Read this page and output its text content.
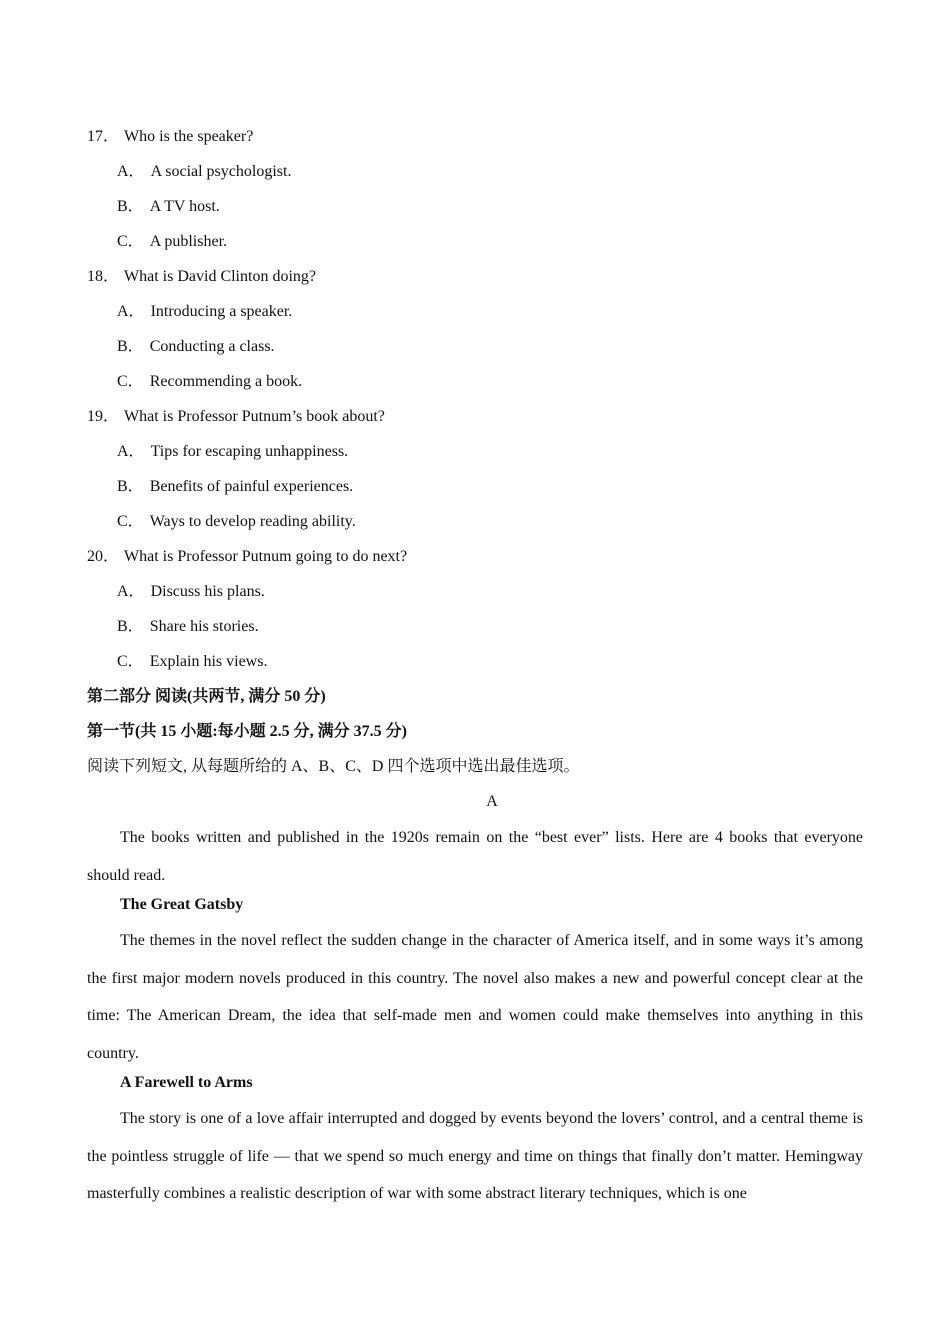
17． Who is the speaker?
A． A social psychologist.
B． A TV host.
C． A publisher.
18． What is David Clinton doing?
A． Introducing a speaker.
B． Conducting a class.
C． Recommending a book.
19． What is Professor Putnum’s book about?
A． Tips for escaping unhappiness.
B． Benefits of painful experiences.
C． Ways to develop reading ability.
20． What is Professor Putnum going to do next?
A． Discuss his plans.
B． Share his stories.
C． Explain his views.
第二部分 阅读(共两节, 满分 50 分)
第一节(共 15 小题:每小题 2.5 分, 满分 37.5 分)
阅读下列短文, 从每题所给的 A、B、C、D 四个选项中选出最佳选项。
A
The books written and published in the 1920s remain on the “best ever” lists. Here are 4 books that everyone should read.
The Great Gatsby
The themes in the novel reflect the sudden change in the character of America itself, and in some ways it’s among the first major modern novels produced in this country. The novel also makes a new and powerful concept clear at the time: The American Dream, the idea that self-made men and women could make themselves into anything in this country.
A Farewell to Arms
The story is one of a love affair interrupted and dogged by events beyond the lovers’ control, and a central theme is the pointless struggle of life — that we spend so much energy and time on things that finally don’t matter. Hemingway masterfully combines a realistic description of war with some abstract literary techniques, which is one
